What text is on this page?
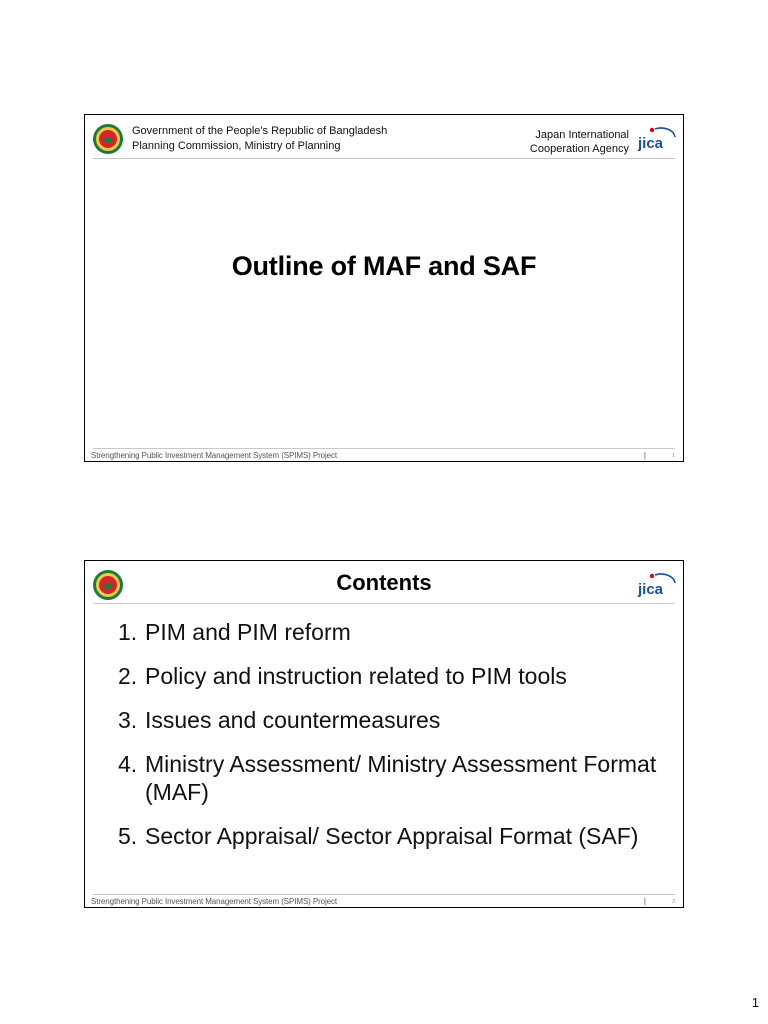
Government of the People's Republic of Bangladesh
Planning Commission, Ministry of Planning
Japan International
Cooperation Agency jica
Outline of MAF and SAF
Strengthening Public Investment Management System (SPIMS) Project	|	1
Contents	jica
1. PIM and PIM reform
2. Policy and instruction related to PIM tools
3. Issues and countermeasures
4. Ministry Assessment/ Ministry Assessment Format (MAF)
5. Sector Appraisal/ Sector Appraisal Format (SAF)
Strengthening Public Investment Management System (SPIMS) Project	|	2
1
